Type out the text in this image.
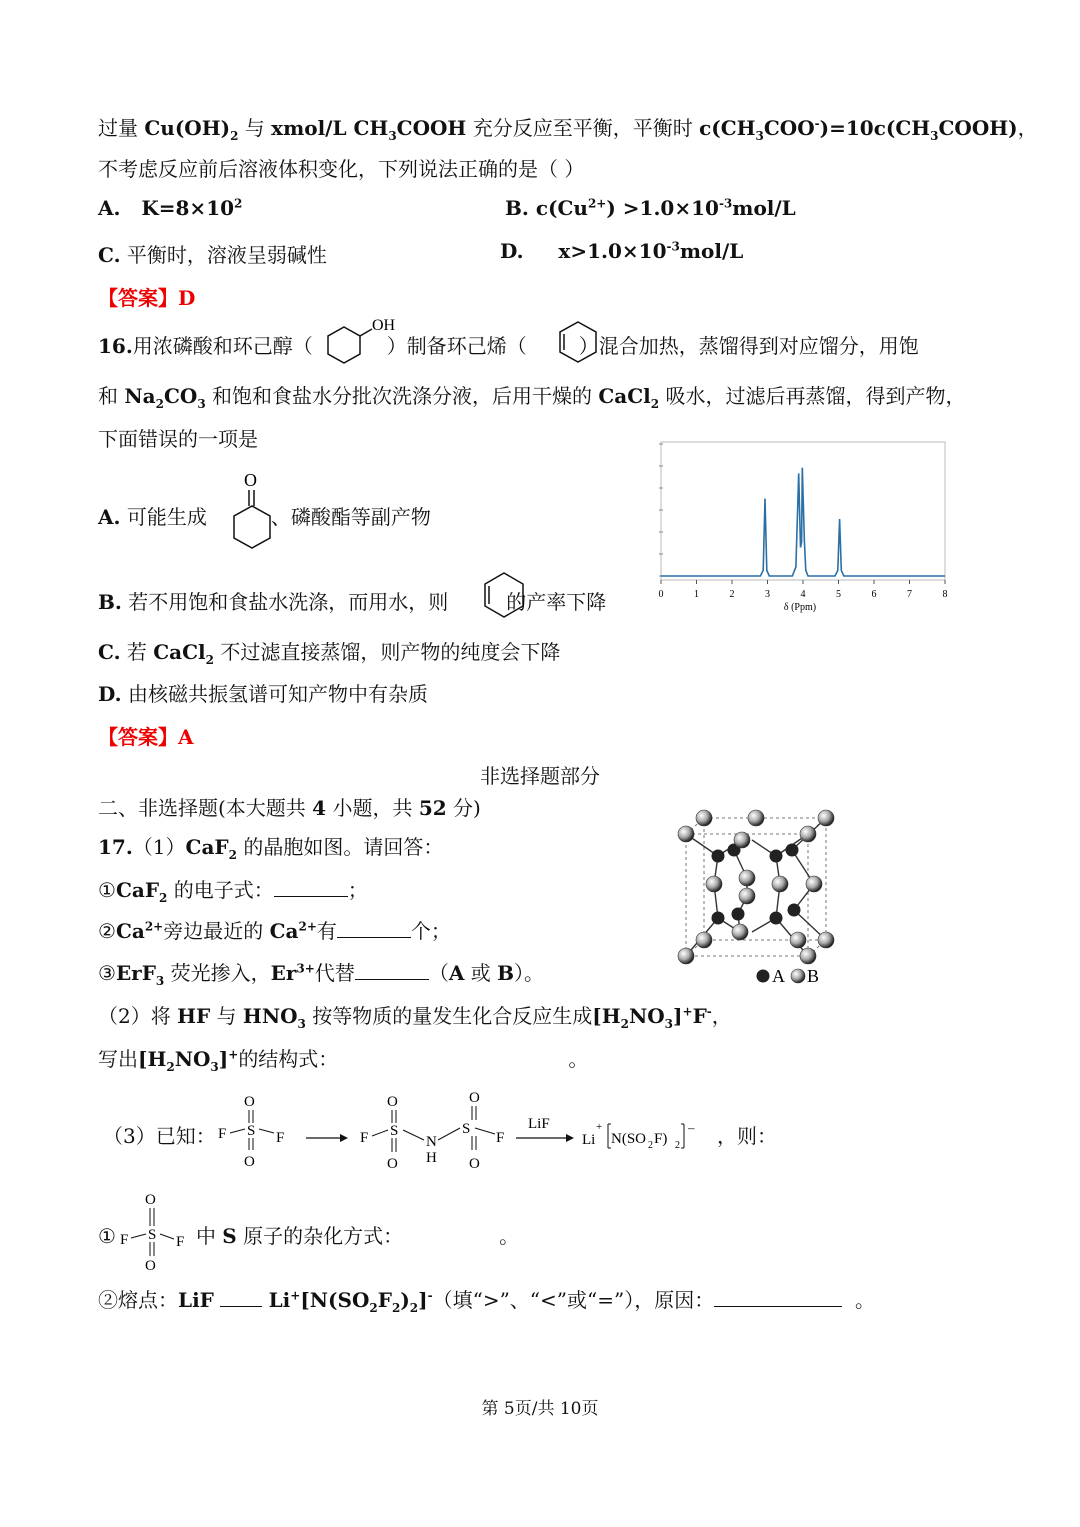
过量 $Cu(OH)_2$ 与 xmol/L $CH_3COOH$ 充分反应至平衡，平衡时 $c(CH_3COO^-)=10c(CH_3COOH)$，
不考虑反应前后溶液体积变化，下列说法正确的是（ ）
A. $K=8\times 10^2$	B. $c(Cu^{2+}) >1.0\times 10^{-3}mol/L$
C. 平衡时，溶液呈弱碱性	D. $x>1.0\times 10^{-3}mol/L$
【答案】D
16.用浓磷酸和环己醇（	）制备环己烯（	）混合加热，蒸馏得到对应馏分，用饱
OH
和 $Na_2CO_3$ 和饱和食盐水分批次洗涤分液，后用干燥的 CaCl$_2$ 吸水，过滤后再蒸馏，得到产物，
下面错误的一项是
A. 可能生成	、磷酸酯等副产物
O
B. 若不用饱和食盐水洗涤，而用水，则	的产率下降
C. 若 CaCl$_2$ 不过滤直接蒸馏，则产物的纯度会下降
D. 由核磁共振氢谱可知产物中有杂质
【答案】A
0	1	2	3	4	5	6	7	8
δ (Ppm)
非选择题部分
二、非选择题(本大题共 4 小题，共 52 分)
17.（1）CaF$_2$ 的晶胞如图。请回答：
①CaF$_2$ 的电子式：	；
$②Ca^{2+}$旁边最近的 $Ca^{2+}$有	个；
③ErF$_3$ 荧光掺入，$Er^{3+}$代替	（A 或 B）。	A B
（2）将 HF 与 $HNO_3$ 按等物质的量发生化合反应生成$[H_2NO_3]^+F^-$，
写出$[H_2NO_3]^+$的结构式：	。
（3）已知： F S F
O
O
F S
O
O
N
H
S
O
O
F
LiF
Li
+
N(SO 2 F) 2
– ，则：
①	中 S 原子的杂化方式：	。
F S F
O
O
②熔点：LiF	$Li^+[N(SO_2F_2)_2]^-$（填“>”、“<”或“=”），原因：	。
第 5页/共 10页
